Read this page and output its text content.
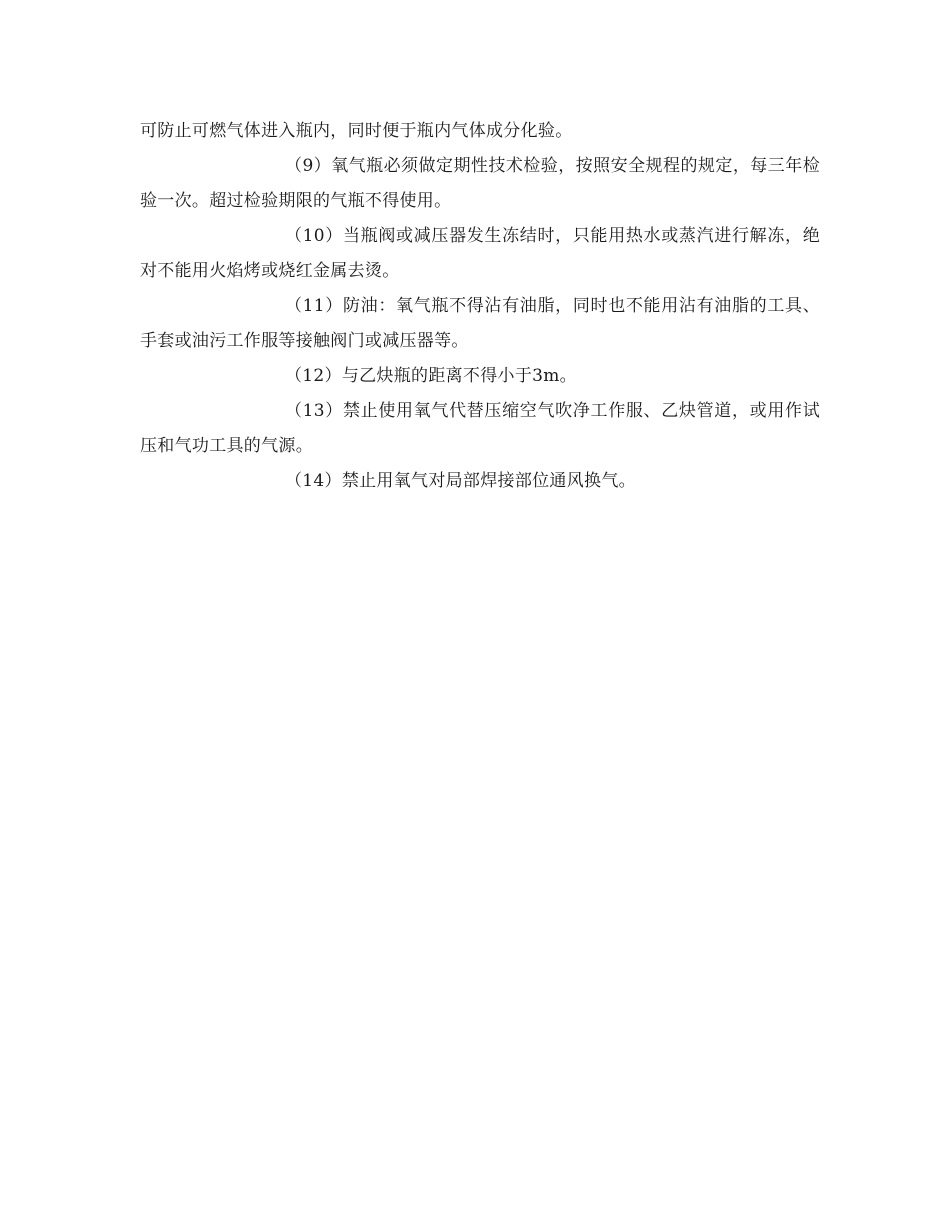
可防止可燃气体进入瓶内，同时便于瓶内气体成分化验。

（9）氧气瓶必须做定期性技术检验，按照安全规程的规定，每三年检验一次。超过检验期限的气瓶不得使用。

（10）当瓶阀或减压器发生冻结时，只能用热水或蒸汽进行解冻，绝对不能用火焰烤或烧红金属去烫。

（11）防油：氧气瓶不得沾有油脂，同时也不能用沾有油脂的工具、手套或油污工作服等接触阀门或减压器等。

（12）与乙炔瓶的距离不得小于3m。

（13）禁止使用氧气代替压缩空气吹净工作服、乙炔管道，或用作试压和气功工具的气源。

（14）禁止用氧气对局部焊接部位通风换气。
